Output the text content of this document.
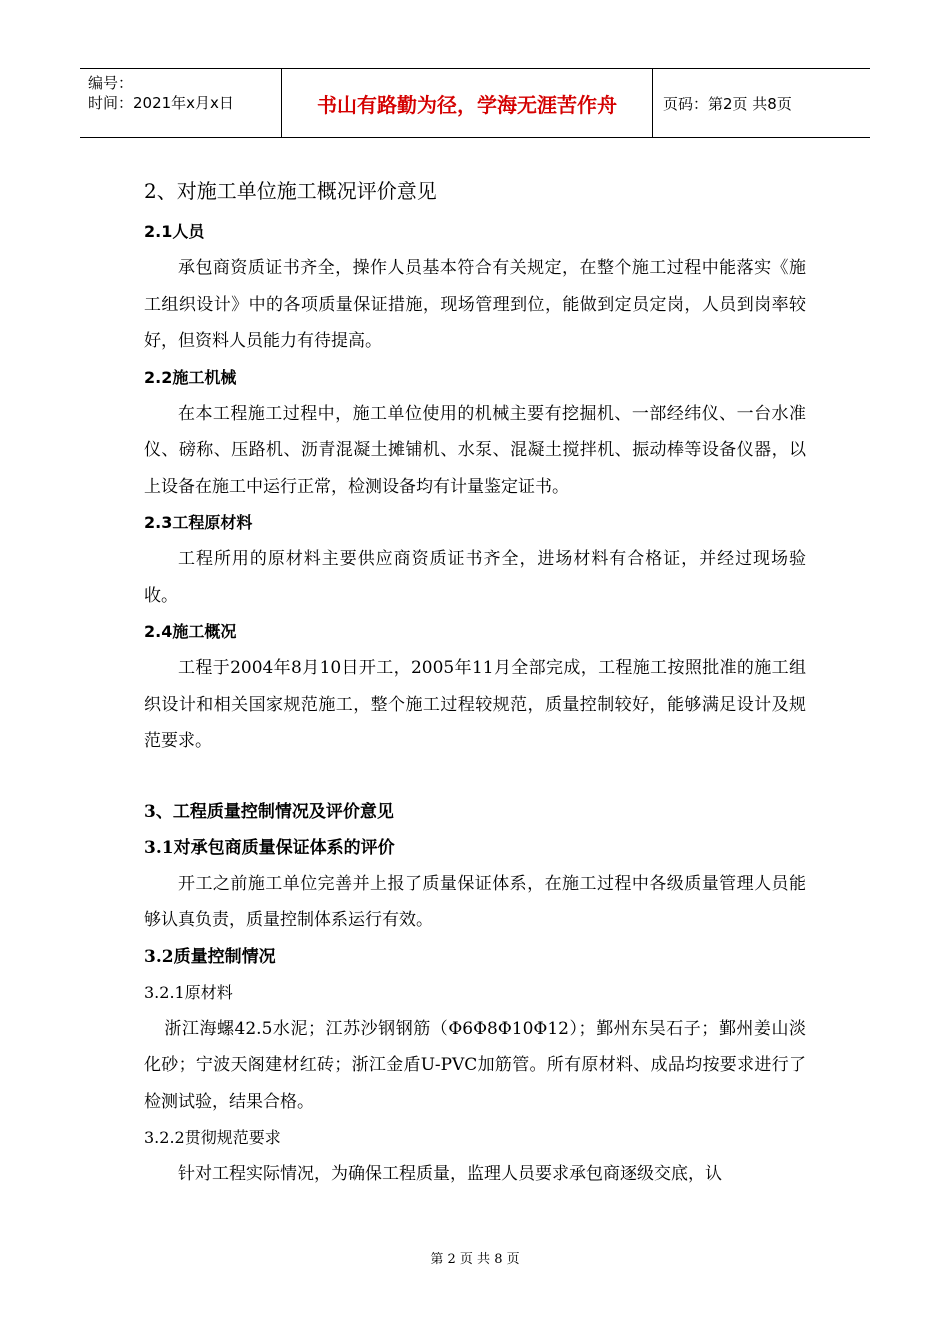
编号：
时间：2021年x月x日	书山有路勤为径，学海无涯苦作舟	页码：第2页 共8页
2、对施工单位施工概况评价意见
2.1人员

承包商资质证书齐全，操作人员基本符合有关规定，在整个施工过程中能落实《施工组织设计》中的各项质量保证措施，现场管理到位，能做到定员定岗，人员到岗率较好，但资料人员能力有待提高。

2.2施工机械

在本工程施工过程中，施工单位使用的机械主要有挖掘机、一部经纬仪、一台水准仪、磅称、压路机、沥青混凝土摊铺机、水泵、混凝土搅拌机、振动棒等设备仪器，以上设备在施工中运行正常，检测设备均有计量鉴定证书。

2.3工程原材料

工程所用的原材料主要供应商资质证书齐全，进场材料有合格证，并经过现场验收。

2.4施工概况

工程于2004年8月10日开工，2005年11月全部完成，工程施工按照批准的施工组织设计和相关国家规范施工，整个施工过程较规范，质量控制较好，能够满足设计及规范要求。

3、工程质量控制情况及评价意见
3.1对承包商质量保证体系的评价

开工之前施工单位完善并上报了质量保证体系，在施工过程中各级质量管理人员能够认真负责，质量控制体系运行有效。

3.2质量控制情况
3.2.1原材料

浙江海螺42.5水泥；江苏沙钢钢筋（Φ6Φ8Φ10Φ12）；鄞州东吴石子；鄞州姜山淡化砂；宁波天阁建材红砖；浙江金盾U-PVC加筋管。所有原材料、成品均按要求进行了检测试验，结果合格。

3.2.2贯彻规范要求

针对工程实际情况，为确保工程质量，监理人员要求承包商逐级交底，认

第 2 页 共 8 页
